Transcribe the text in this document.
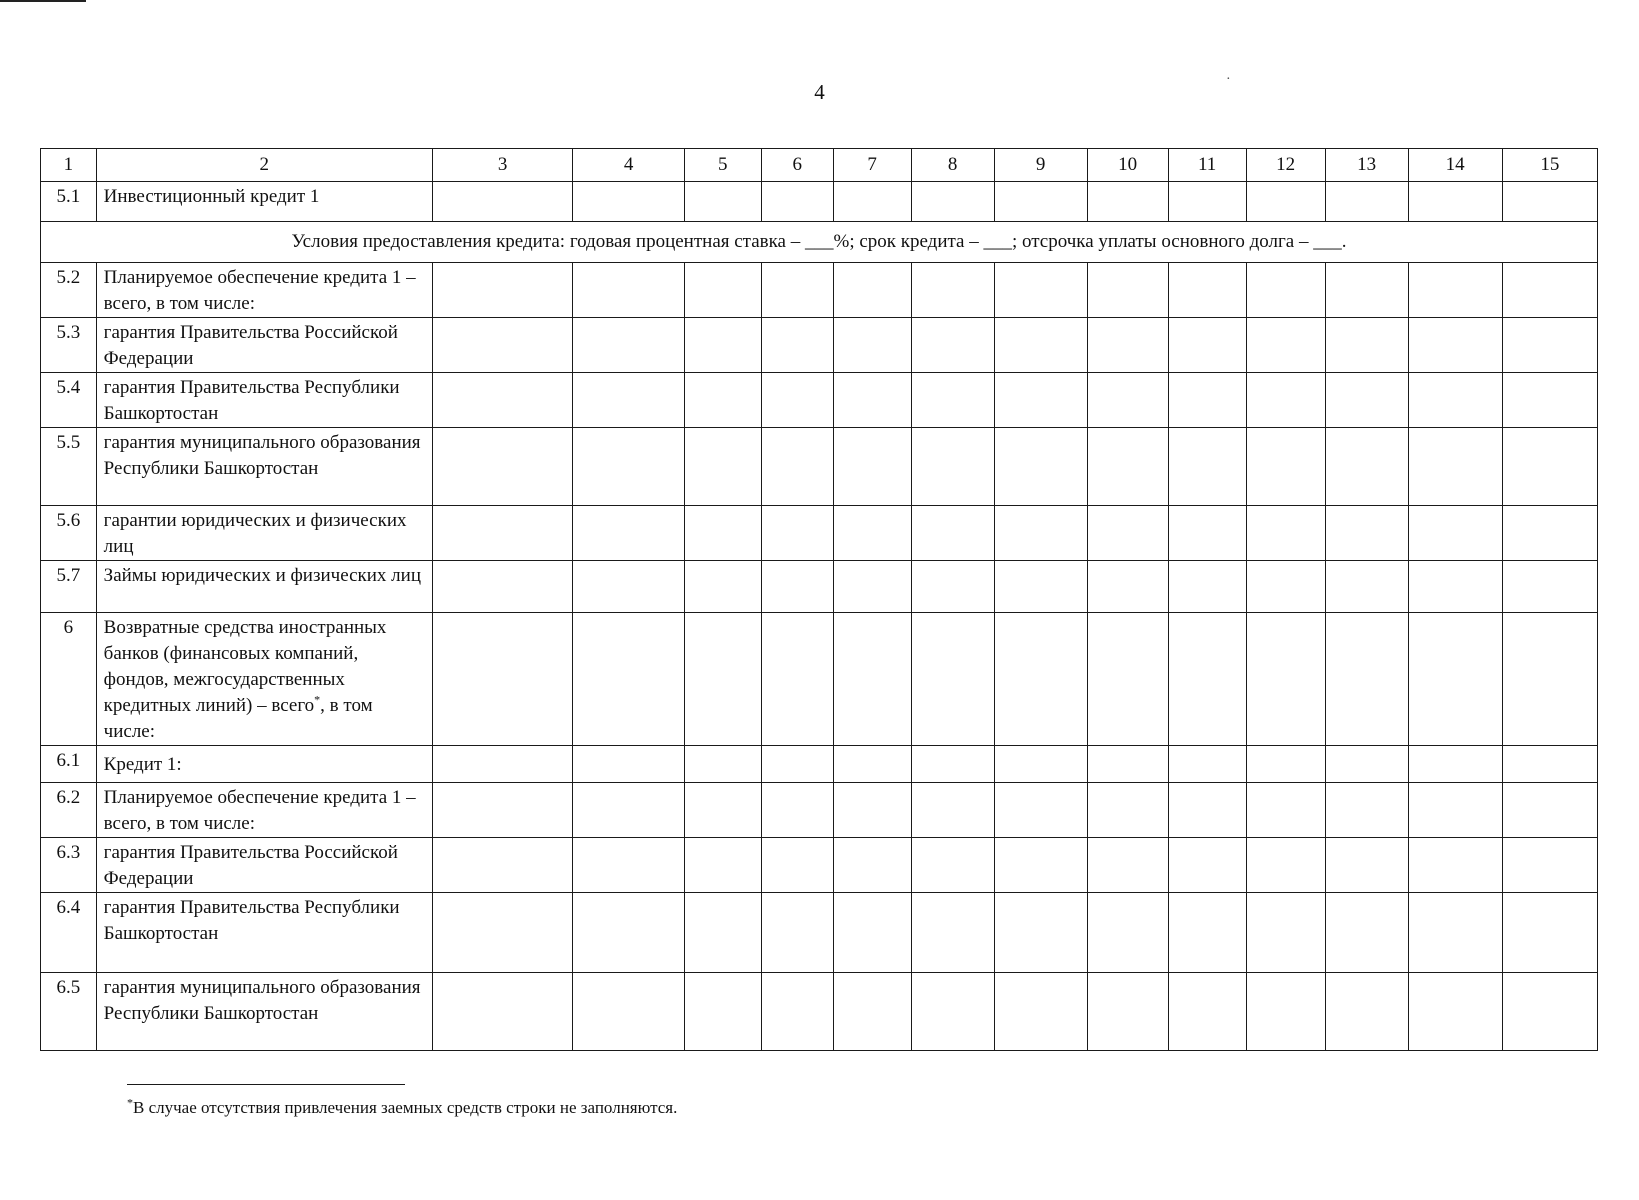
4
·
1	2	3	4	5	6	7	8	9	10	11	12	13	14	15
5.1	Инвестиционный кредит 1													
Условия предоставления кредита: годовая процентная ставка – ___%; срок кредита – ___; отсрочка уплаты основного долга – ___.														
5.2	Планируемое обеспечение кредита 1 – всего, в том числе:													
5.3	гарантия Правительства Российской Федерации													
5.4	гарантия Правительства Республики Башкортостан													
5.5	гарантия муниципального образования Республики Башкортостан													
5.6	гарантии юридических и физических лиц													
5.7	Займы юридических и физических лиц													
6	Возвратные средства иностранных банков (финансовых компаний, фондов, межгосударственных кредитных линий) – всего*, в том числе:													
6.1	Кредит 1:													
6.2	Планируемое обеспечение кредита 1 – всего, в том числе:													
6.3	гарантия Правительства Российской Федерации													
6.4	гарантия Правительства Республики Башкортостан													
6.5	гарантия муниципального образования Республики Башкортостан													
*В случае отсутствия привлечения заемных средств строки не заполняются.
